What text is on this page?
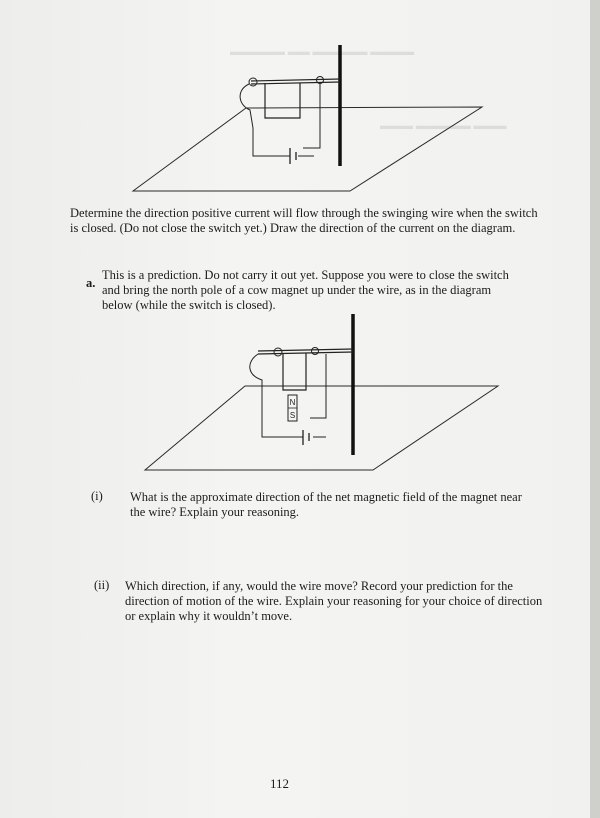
▬▬▬▬ ▬▬▬▬▬ ▬▬ ▬▬▬▬▬
▬▬▬ ▬▬▬▬▬ ▬▬▬
Determine the direction positive current will flow through the swinging wire when the switch is closed. (Do not close the switch yet.) Draw the direction of the current on the diagram.
a.
This is a prediction. Do not carry it out yet. Suppose you were to close the switch and bring the north pole of a cow magnet up under the wire, as in the diagram below (while the switch is closed).
N
S
(i) What is the approximate direction of the net magnetic field of the magnet near the wire? Explain your reasoning.
(ii) Which direction, if any, would the wire move? Record your prediction for the direction of motion of the wire. Explain your reasoning for your choice of direction or explain why it wouldn’t move.
112
